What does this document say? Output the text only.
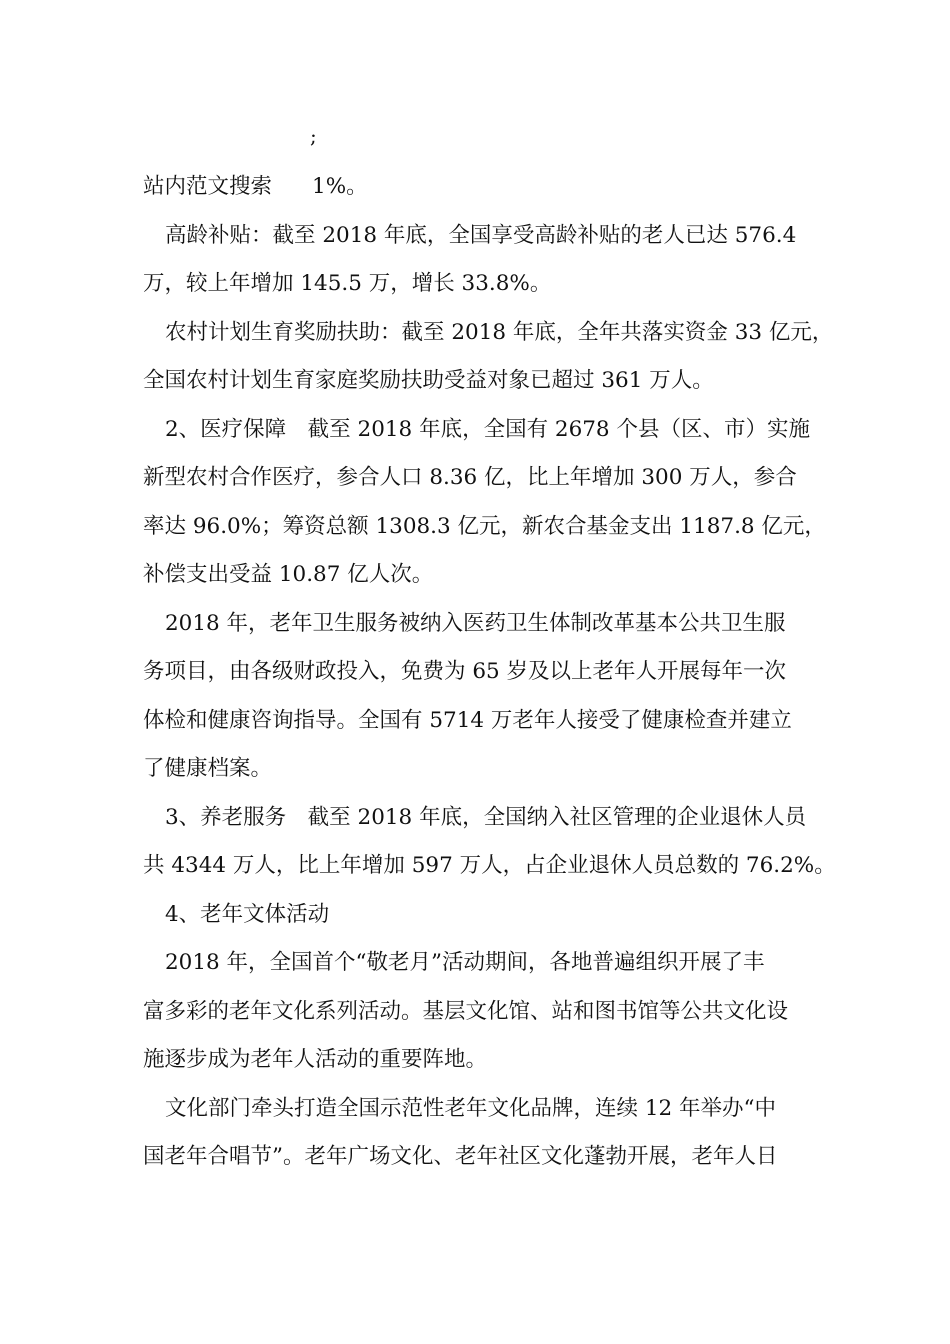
;
站内范文搜索 1%。
高龄补贴：截至 2018 年底，全国享受高龄补贴的老人已达 576.4
万，较上年增加 145.5 万，增长 33.8%。
农村计划生育奖励扶助：截至 2018 年底，全年共落实资金 33 亿元，
全国农村计划生育家庭奖励扶助受益对象已超过 361 万人。
2、医疗保障　截至 2018 年底，全国有 2678 个县（区、市）实施
新型农村合作医疗，参合人口 8.36 亿，比上年增加 300 万人，参合
率达 96.0%；筹资总额 1308.3 亿元，新农合基金支出 1187.8 亿元，
补偿支出受益 10.87 亿人次。
2018 年，老年卫生服务被纳入医药卫生体制改革基本公共卫生服
务项目，由各级财政投入，免费为 65 岁及以上老年人开展每年一次
体检和健康咨询指导。全国有 5714 万老年人接受了健康检查并建立
了健康档案。
3、养老服务　截至 2018 年底，全国纳入社区管理的企业退休人员
共 4344 万人，比上年增加 597 万人，占企业退休人员总数的 76.2%。
4、老年文体活动
2018 年，全国首个“敬老月”活动期间，各地普遍组织开展了丰
富多彩的老年文化系列活动。基层文化馆、站和图书馆等公共文化设
施逐步成为老年人活动的重要阵地。
文化部门牵头打造全国示范性老年文化品牌，连续 12 年举办“中
国老年合唱节”。老年广场文化、老年社区文化蓬勃开展，老年人日
